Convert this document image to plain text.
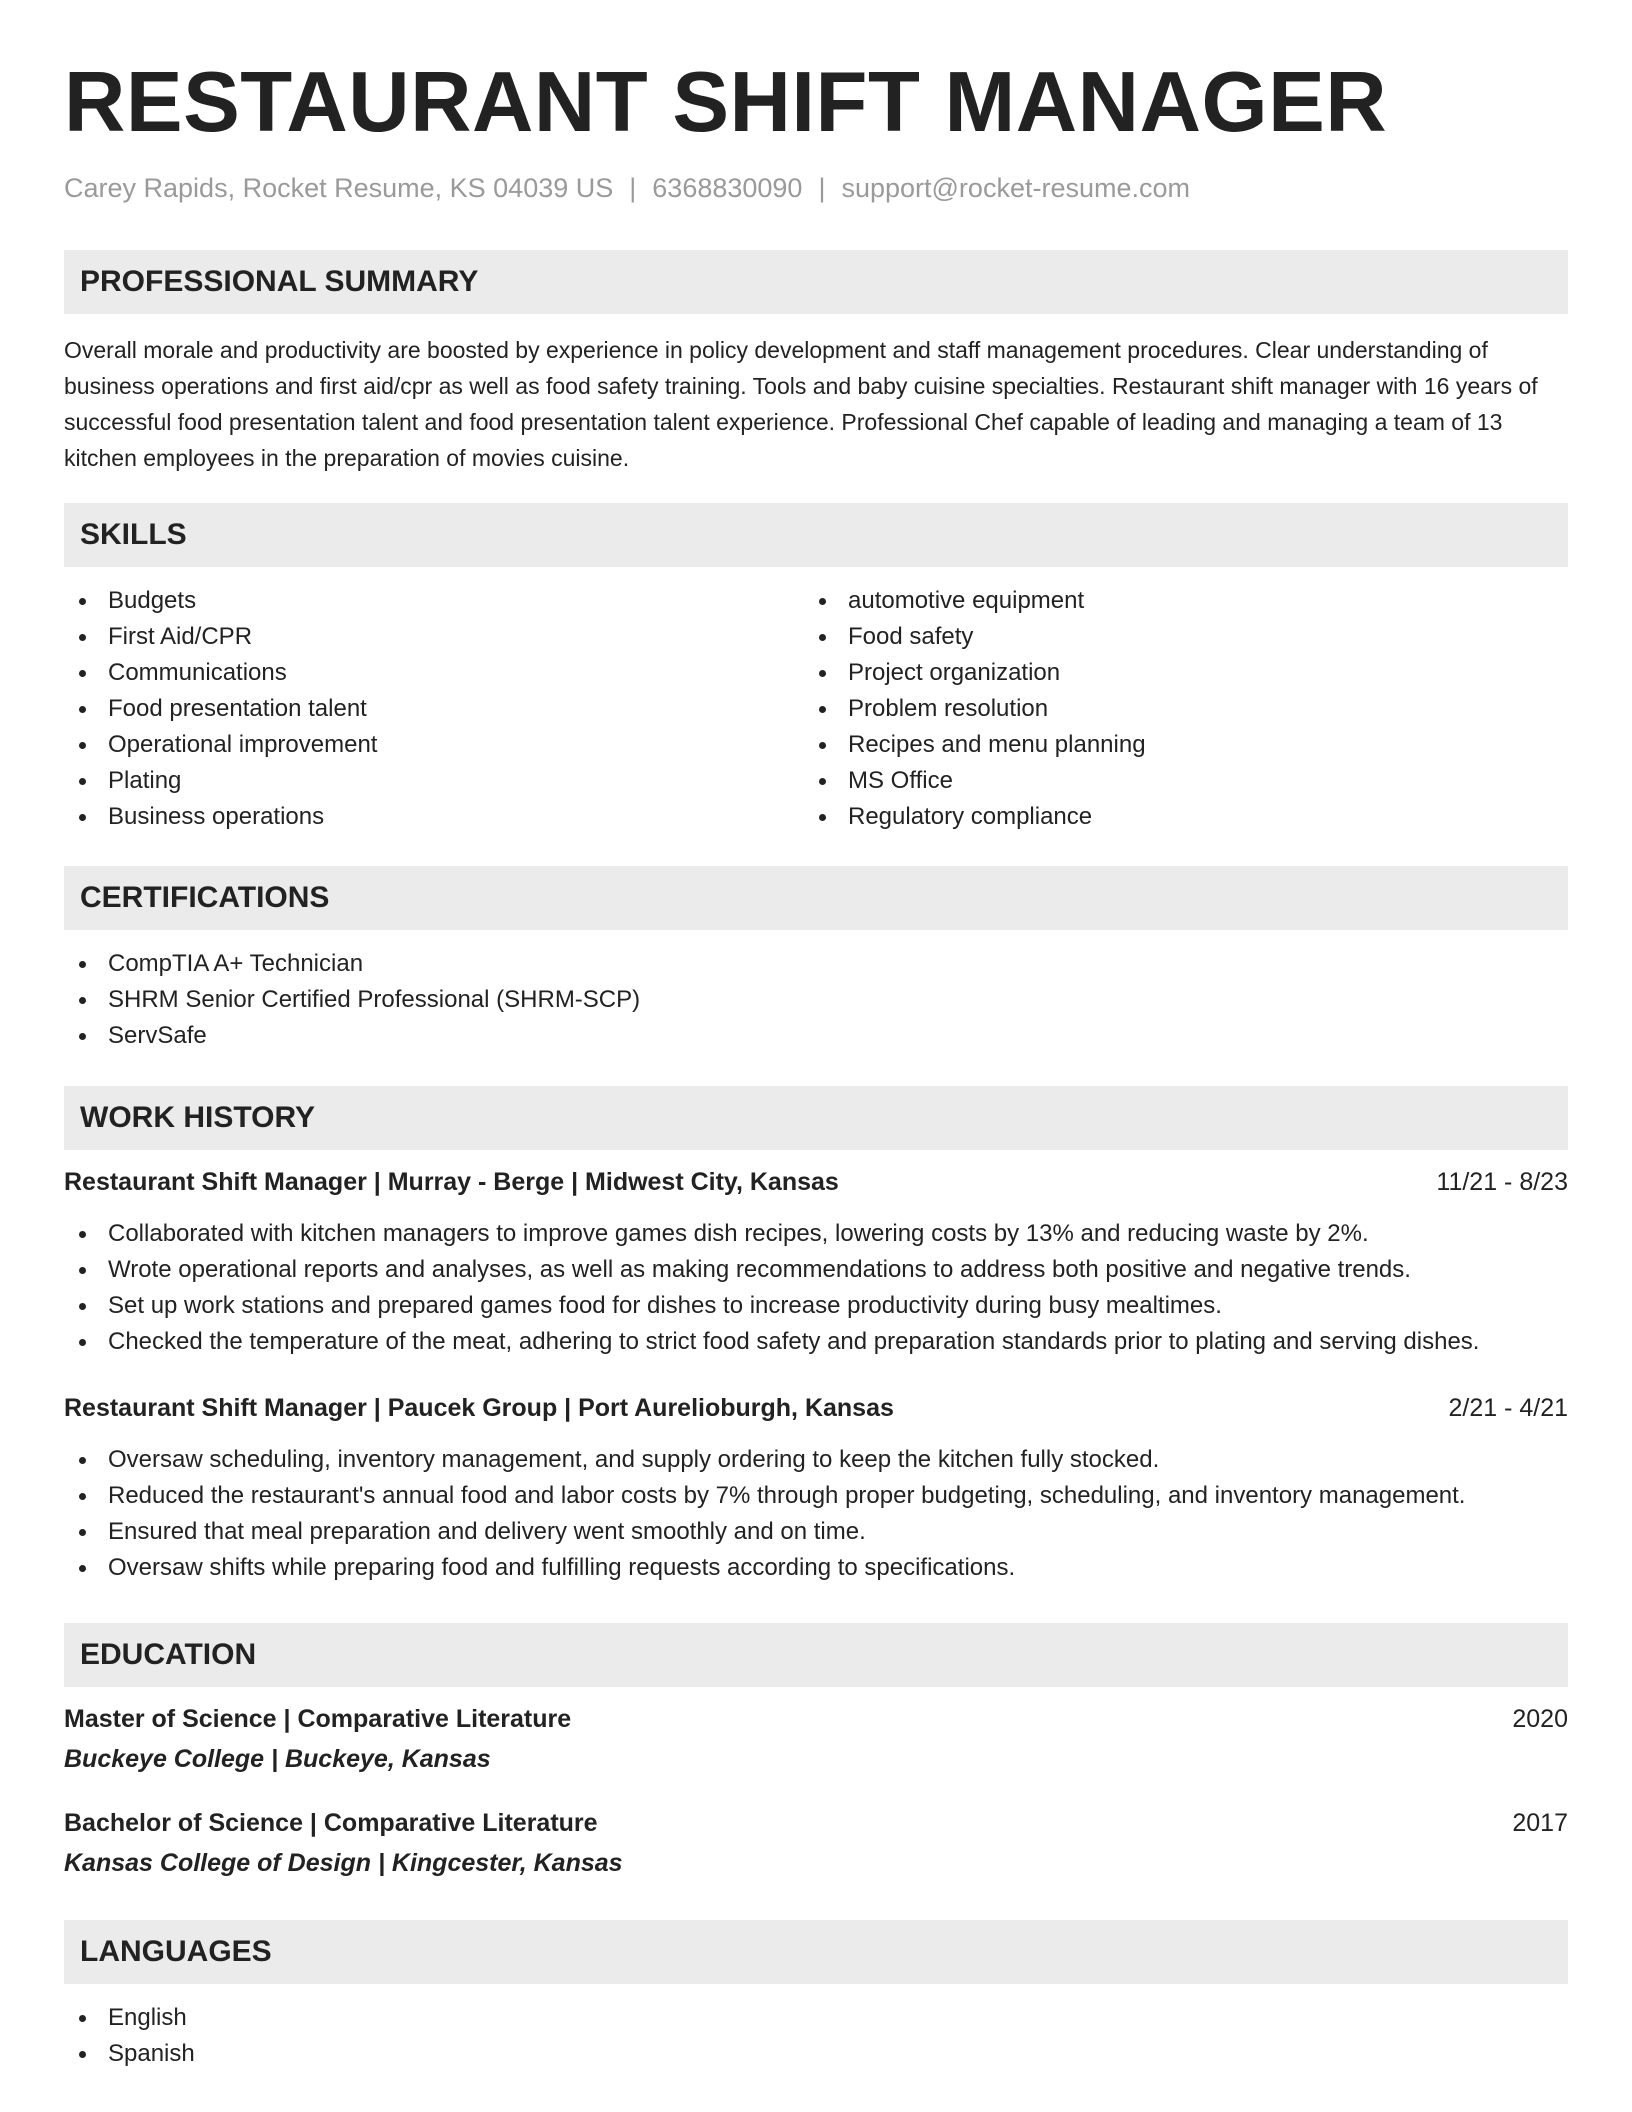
RESTAURANT SHIFT MANAGER
Carey Rapids, Rocket Resume, KS 04039 US | 6368830090 | support@rocket-resume.com
PROFESSIONAL SUMMARY

Overall morale and productivity are boosted by experience in policy development and staff management procedures. Clear understanding of business operations and first aid/cpr as well as food safety training. Tools and baby cuisine specialties. Restaurant shift manager with 16 years of successful food presentation talent and food presentation talent experience. Professional Chef capable of leading and managing a team of 13 kitchen employees in the preparation of movies cuisine.

SKILLS
Budgets
First Aid/CPR
Communications
Food presentation talent
Operational improvement
Plating
Business operations
automotive equipment
Food safety
Project organization
Problem resolution
Recipes and menu planning
MS Office
Regulatory compliance
CERTIFICATIONS
CompTIA A+ Technician
SHRM Senior Certified Professional (SHRM-SCP)
ServSafe
WORK HISTORY
Restaurant Shift Manager | Murray - Berge | Midwest City, Kansas	11/21 - 8/23
Collaborated with kitchen managers to improve games dish recipes, lowering costs by 13% and reducing waste by 2%.
Wrote operational reports and analyses, as well as making recommendations to address both positive and negative trends.
Set up work stations and prepared games food for dishes to increase productivity during busy mealtimes.
Checked the temperature of the meat, adhering to strict food safety and preparation standards prior to plating and serving dishes.
Restaurant Shift Manager | Paucek Group | Port Aurelioburgh, Kansas	2/21 - 4/21
Oversaw scheduling, inventory management, and supply ordering to keep the kitchen fully stocked.
Reduced the restaurant's annual food and labor costs by 7% through proper budgeting, scheduling, and inventory management.
Ensured that meal preparation and delivery went smoothly and on time.
Oversaw shifts while preparing food and fulfilling requests according to specifications.
EDUCATION
Master of Science | Comparative Literature	2020
Buckeye College | Buckeye, Kansas
Bachelor of Science | Comparative Literature	2017
Kansas College of Design | Kingcester, Kansas
LANGUAGES
English
Spanish
